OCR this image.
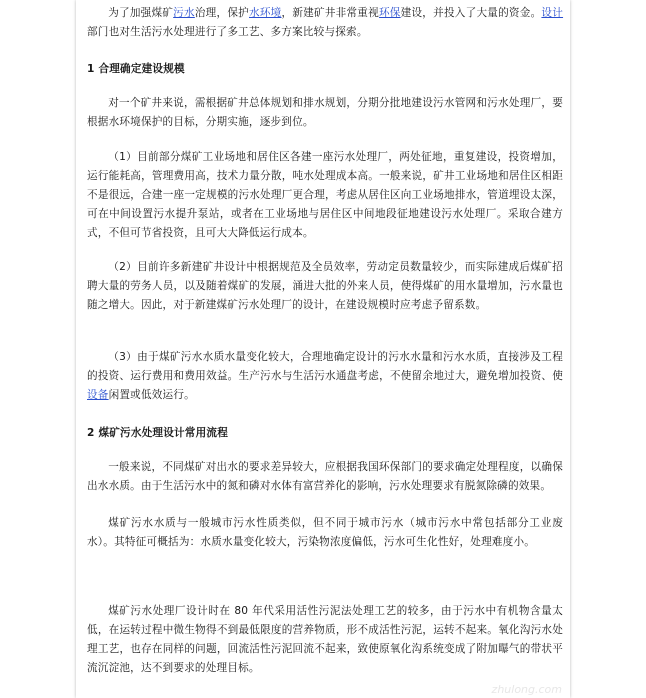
为了加强煤矿污水治理，保护水环境，新建矿井非常重视环保建设，并投入了大量的资金。设计部门也对生活污水处理进行了多工艺、多方案比较与探索。

1 合理确定建设规模

对一个矿井来说，需根据矿井总体规划和排水规划，分期分批地建设污水管网和污水处理厂，要根据水环境保护的目标，分期实施，逐步到位。

（1）目前部分煤矿工业场地和居住区各建一座污水处理厂，两处征地，重复建设，投资增加，运行能耗高，管理费用高，技术力量分散，吨水处理成本高。一般来说，矿井工业场地和居住区相距不是很远，合建一座一定规模的污水处理厂更合理，考虑从居住区向工业场地排水，管道埋设太深，可在中间设置污水提升泵站，或者在工业场地与居住区中间地段征地建设污水处理厂。采取合建方式，不但可节省投资，且可大大降低运行成本。

（2）目前许多新建矿井设计中根据规范及全员效率，劳动定员数量较少，而实际建成后煤矿招聘大量的劳务人员，以及随着煤矿的发展，涌进大批的外来人员，使得煤矿的用水量增加，污水量也随之增大。因此，对于新建煤矿污水处理厂的设计，在建设规模时应考虑予留系数。

（3）由于煤矿污水水质水量变化较大，合理地确定设计的污水水量和污水水质，直接涉及工程的投资、运行费用和费用效益。生产污水与生活污水通盘考虑，不使留余地过大，避免增加投资、使设备闲置或低效运行。

2 煤矿污水处理设计常用流程

一般来说，不同煤矿对出水的要求差异较大，应根据我国环保部门的要求确定处理程度，以确保出水水质。由于生活污水中的氮和磷对水体有富营养化的影响，污水处理要求有脱氮除磷的效果。

煤矿污水水质与一般城市污水性质类似，但不同于城市污水（城市污水中常包括部分工业废水）。其特征可概括为：水质水量变化较大，污染物浓度偏低，污水可生化性好，处理难度小。

煤矿污水处理厂设计时在 80 年代采用活性污泥法处理工艺的较多，由于污水中有机物含量太低，在运转过程中微生物得不到最低限度的营养物质，形不成活性污泥，运转不起来。氧化沟污水处理工艺，也存在同样的问题，回流活性污泥回流不起来，致使原氧化沟系统变成了附加曝气的带状平流沉淀池，达不到要求的处理目标。

zhulong.com
